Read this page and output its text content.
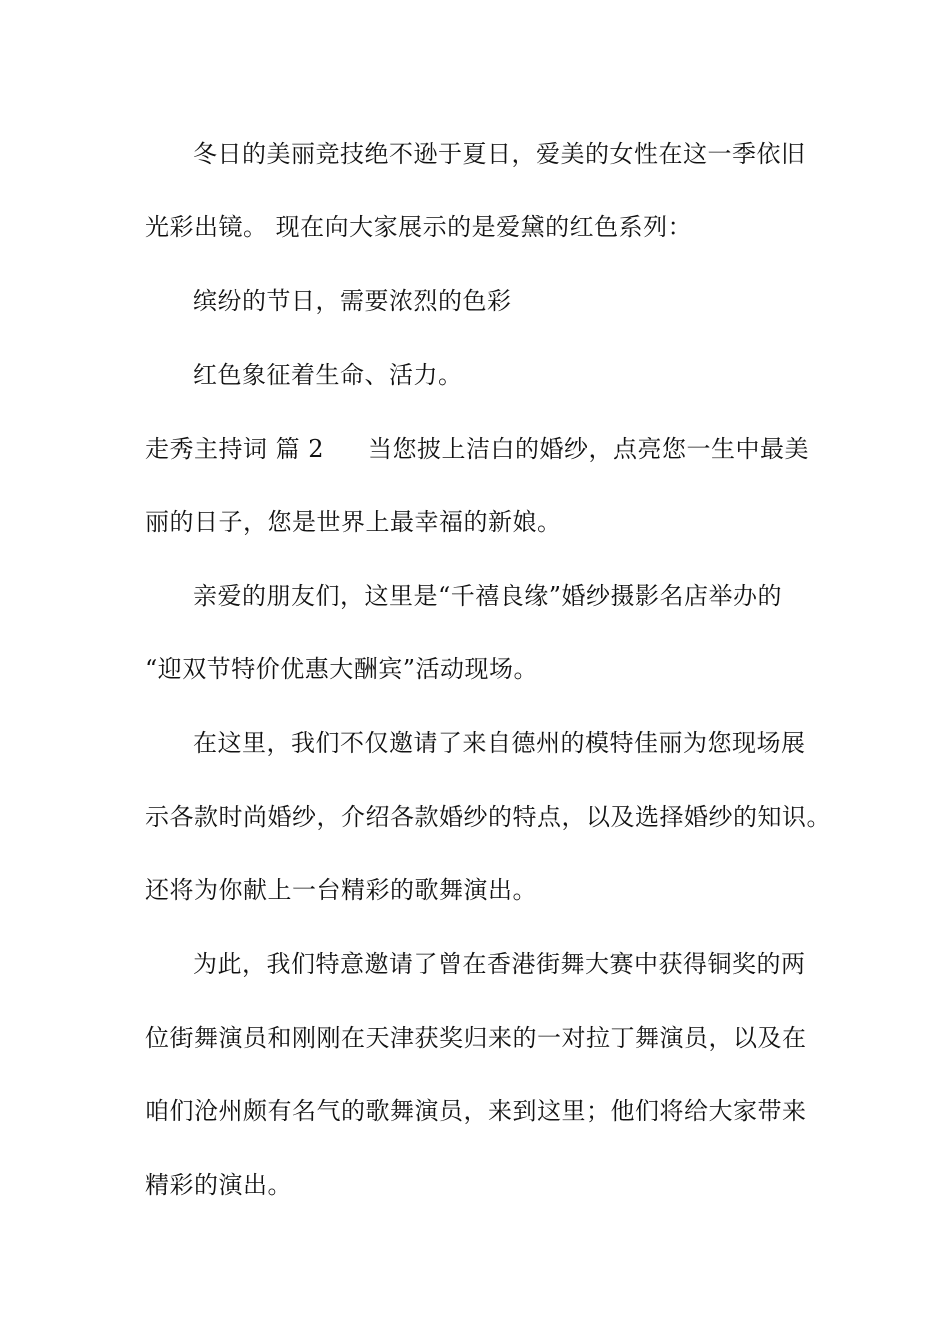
冬日的美丽竞技绝不逊于夏日，爱美的女性在这一季依旧
光彩出镜。 现在向大家展示的是爱黛的红色系列：
缤纷的节日，需要浓烈的色彩
红色象征着生命、活力。
走秀主持词 篇 2 当您披上洁白的婚纱，点亮您一生中最美
丽的日子，您是世界上最幸福的新娘。
亲爱的朋友们，这里是“千禧良缘”婚纱摄影名店举办的
“迎双节特价优惠大酬宾”活动现场。
在这里，我们不仅邀请了来自德州的模特佳丽为您现场展
示各款时尚婚纱，介绍各款婚纱的特点，以及选择婚纱的知识。
还将为你献上一台精彩的歌舞演出。
为此，我们特意邀请了曾在香港街舞大赛中获得铜奖的两
位街舞演员和刚刚在天津获奖归来的一对拉丁舞演员，以及在
咱们沧州颇有名气的歌舞演员，来到这里；他们将给大家带来
精彩的演出。
